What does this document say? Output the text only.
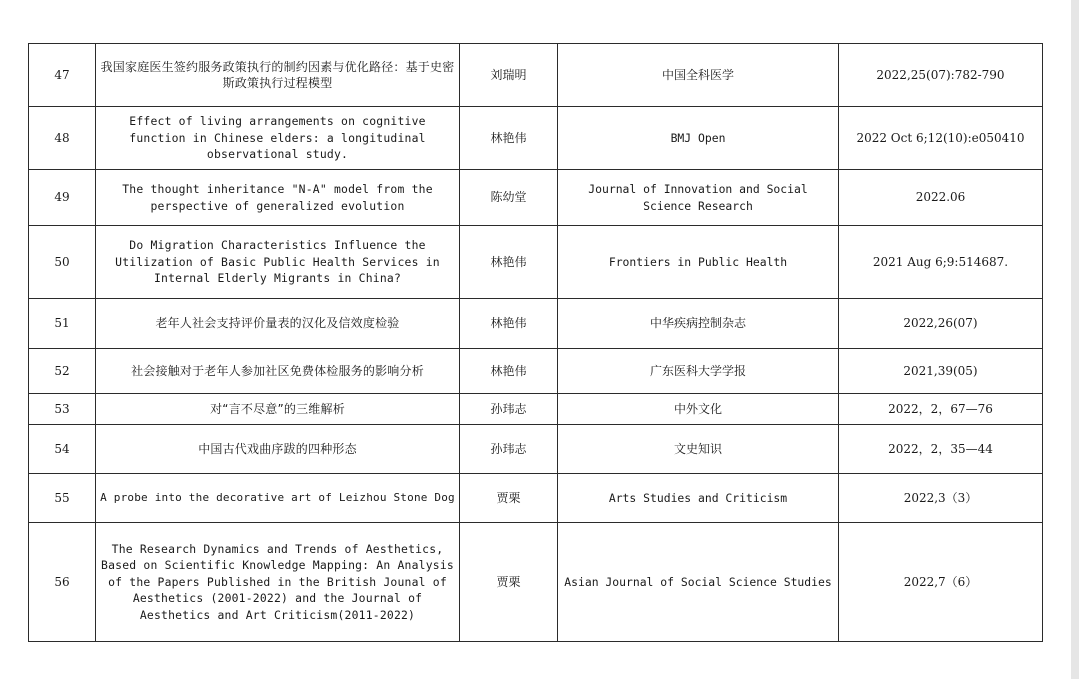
47	我国家庭医生签约服务政策执行的制约因素与优化路径：基于史密斯政策执行过程模型	刘瑞明	中国全科医学	2022,25(07):782-790
48	Effect of living arrangements on cognitive function in Chinese elders: a longitudinal observational study.	林艳伟	BMJ Open	2022 Oct 6;12(10):e050410
49	The thought inheritance "N-A" model from the perspective of generalized evolution	陈幼堂	Journal of Innovation and Social Science Research	2022.06
50	Do Migration Characteristics Influence the Utilization of Basic Public Health Services in Internal Elderly Migrants in China?	林艳伟	Frontiers in Public Health	2021 Aug 6;9:514687.
51	老年人社会支持评价量表的汉化及信效度检验	林艳伟	中华疾病控制杂志	2022,26(07)
52	社会接触对于老年人参加社区免费体检服务的影响分析	林艳伟	广东医科大学学报	2021,39(05)
53	对“言不尽意”的三维解析	孙玮志	中外文化	2022，2，67—76
54	中国古代戏曲序跋的四种形态	孙玮志	文史知识	2022，2，35—44
55	A probe into the decorative art of Leizhou Stone Dog	贾栗	Arts Studies and Criticism	2022,3（3）
56	The Research Dynamics and Trends of Aesthetics, Based on Scientific Knowledge Mapping: An Analysis of the Papers Published in the British Jounal of Aesthetics (2001-2022) and the Journal of Aesthetics and Art Criticism(2011-2022)	贾栗	Asian Journal of Social Science Studies	2022,7（6）
